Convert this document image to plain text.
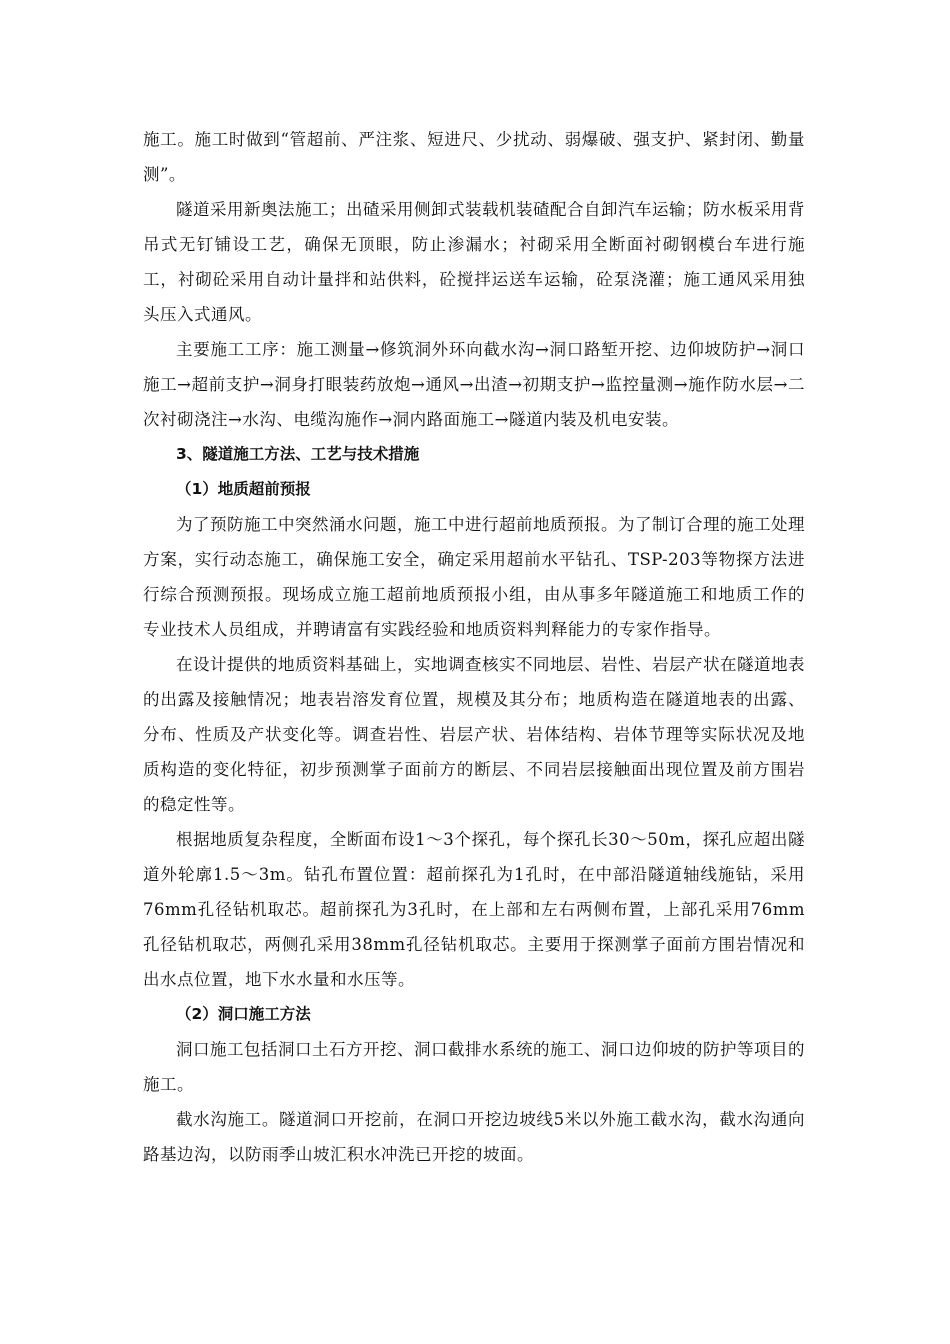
施工。施工时做到“管超前、严注浆、短进尺、少扰动、弱爆破、强支护、紧封闭、勤量测”。

隧道采用新奥法施工；出碴采用侧卸式装载机装碴配合自卸汽车运输；防水板采用背吊式无钉铺设工艺，确保无顶眼，防止渗漏水；衬砌采用全断面衬砌钢模台车进行施工，衬砌砼采用自动计量拌和站供料，砼搅拌运送车运输，砼泵浇灌；施工通风采用独头压入式通风。

主要施工工序：施工测量→修筑洞外环向截水沟→洞口路堑开挖、边仰坡防护→洞口施工→超前支护→洞身打眼装药放炮→通风→出渣→初期支护→监控量测→施作防水层→二次衬砌浇注→水沟、电缆沟施作→洞内路面施工→隧道内装及机电安装。

3、隧道施工方法、工艺与技术措施

（1）地质超前预报

为了预防施工中突然涌水问题，施工中进行超前地质预报。为了制订合理的施工处理方案，实行动态施工，确保施工安全，确定采用超前水平钻孔、TSP-203等物探方法进行综合预测预报。现场成立施工超前地质预报小组，由从事多年隧道施工和地质工作的专业技术人员组成，并聘请富有实践经验和地质资料判释能力的专家作指导。

在设计提供的地质资料基础上，实地调查核实不同地层、岩性、岩层产状在隧道地表的出露及接触情况；地表岩溶发育位置，规模及其分布；地质构造在隧道地表的出露、分布、性质及产状变化等。调查岩性、岩层产状、岩体结构、岩体节理等实际状况及地质构造的变化特征，初步预测掌子面前方的断层、不同岩层接触面出现位置及前方围岩的稳定性等。

根据地质复杂程度，全断面布设1～3个探孔，每个探孔长30～50m，探孔应超出隧道外轮廓1.5～3m。钻孔布置位置：超前探孔为1孔时，在中部沿隧道轴线施钻，采用76mm孔径钻机取芯。超前探孔为3孔时，在上部和左右两侧布置，上部孔采用76mm孔径钻机取芯，两侧孔采用38mm孔径钻机取芯。主要用于探测掌子面前方围岩情况和出水点位置，地下水水量和水压等。

（2）洞口施工方法

洞口施工包括洞口土石方开挖、洞口截排水系统的施工、洞口边仰坡的防护等项目的施工。

截水沟施工。隧道洞口开挖前，在洞口开挖边坡线5米以外施工截水沟，截水沟通向路基边沟，以防雨季山坡汇积水冲洗已开挖的坡面。
